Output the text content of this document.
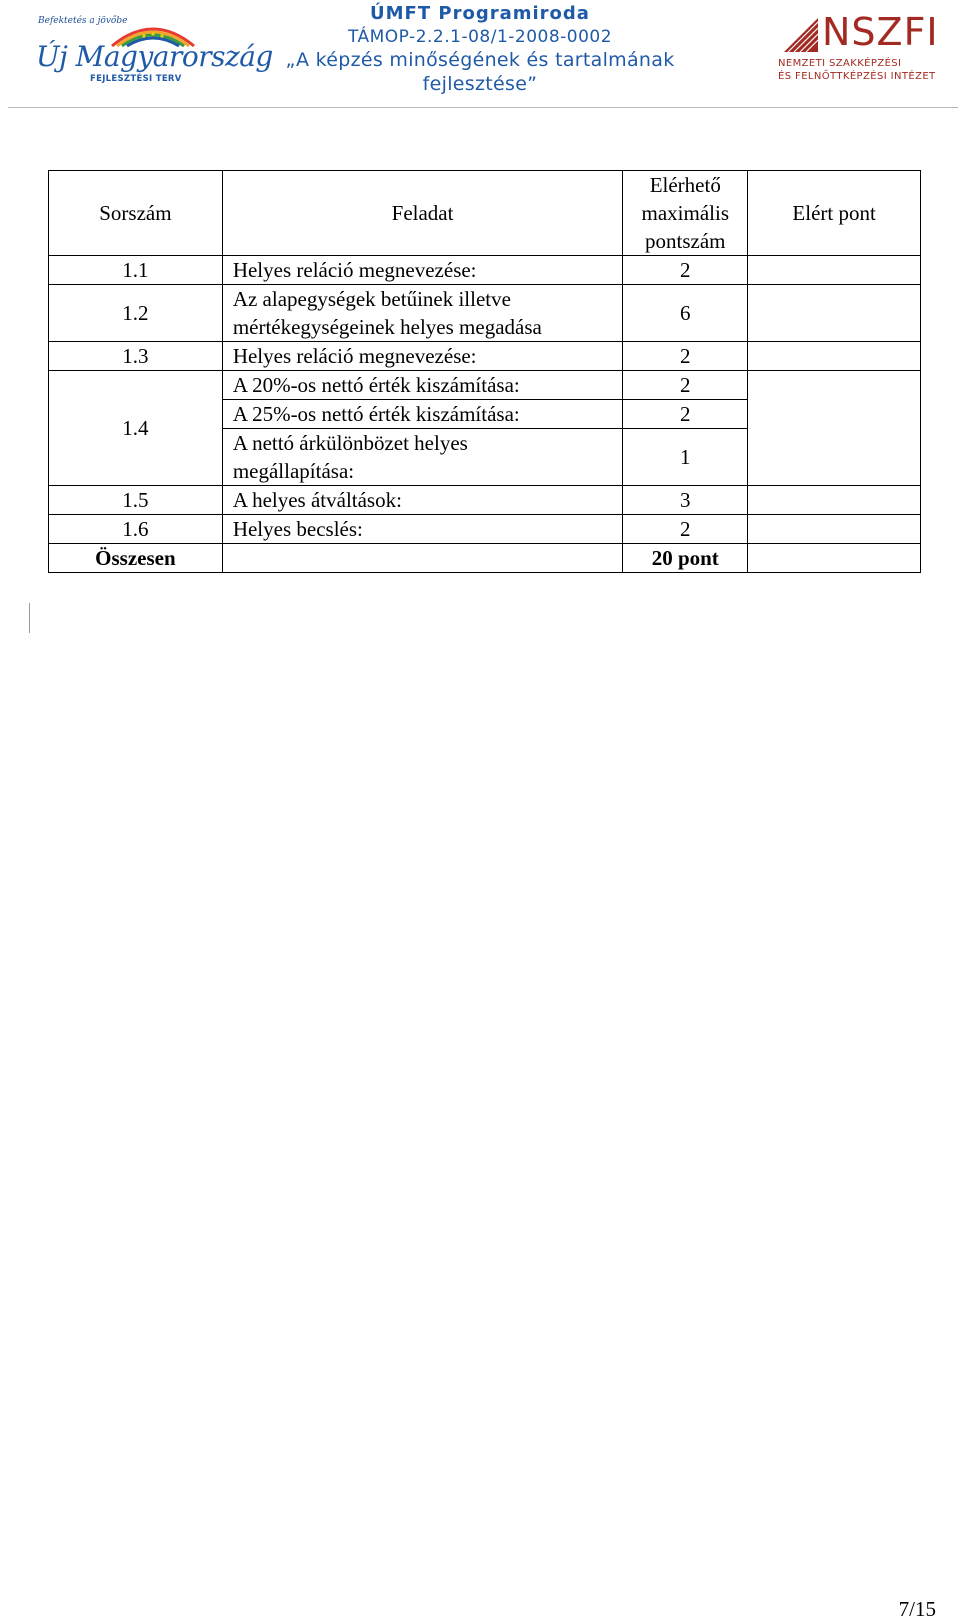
Befektetés a jövőbe
Új Magyarország
FEJLESZTÉSI TERV
ÚMFT Programiroda
TÁMOP-2.2.1-08/1-2008-0002
„A képzés minőségének és tartalmának
fejlesztése”
NSZFI
NEMZETI SZAKKÉPZÉSI
ÉS FELNŐTTKÉPZÉSI INTÉZET
Sorszám	Feladat	Elérhető
maximális
pontszám	Elért pont
1.1	Helyes reláció megnevezése:	2	
1.2	Az alapegységek betűinek illetve
mértékegységeinek helyes megadása	6	
1.3	Helyes reláció megnevezése:	2	
1.4	A 20%-os nettó érték kiszámítása:	2	
	A 25%-os nettó érték kiszámítása:	2	

	A nettó árkülönbözet helyes
megállapítása:	1	
1.5	A helyes átváltások:	3	
1.6	Helyes becslés:	2	
Összesen		20 pont	
7/15
